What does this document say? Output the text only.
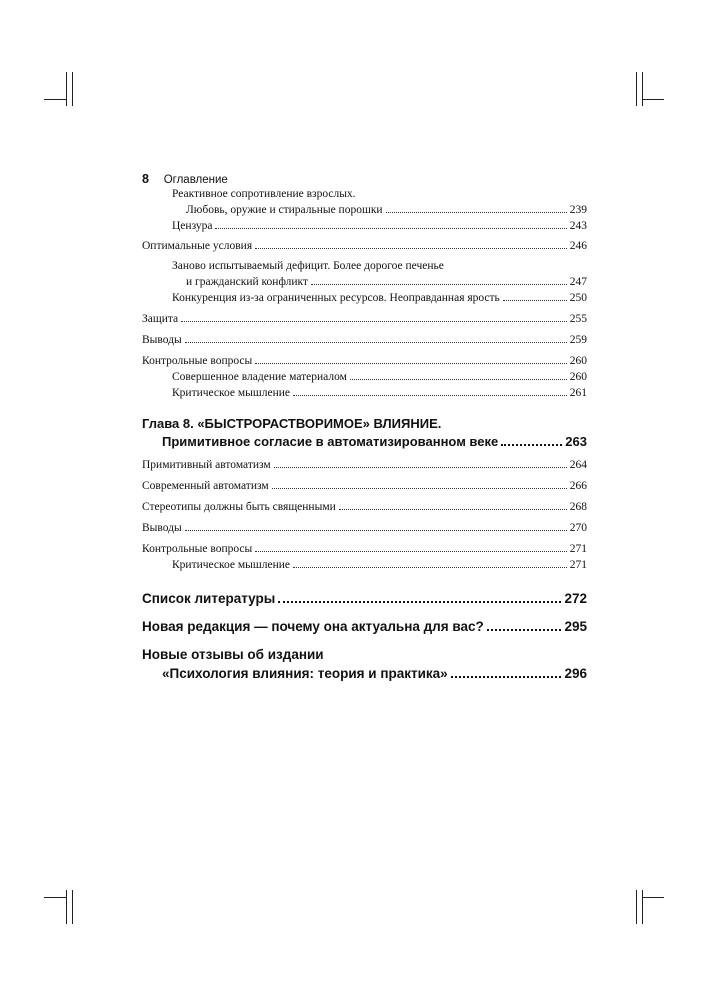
8 Оглавление
Реактивное сопротивление взрослых.
Любовь, оружие и стиральные порошки	239
Цензура	243
Оптимальные условия	246
Заново испытываемый дефицит. Более дорогое печенье
и гражданский конфликт	247
Конкуренция из-за ограниченных ресурсов. Неоправданная ярость	250
Защита	255
Выводы	259
Контрольные вопросы	260
Совершенное владение материалом	260
Критическое мышление	261
Глава 8. «БЫСТРОРАСТВОРИМОЕ» ВЛИЯНИЕ.
Примитивное согласие в автоматизированном веке	263
Примитивный автоматизм	264
Современный автоматизм	266
Стереотипы должны быть священными	268
Выводы	270
Контрольные вопросы	271
Критическое мышление	271
Список литературы	272
Новая редакция — почему она актуальна для вас?	295
Новые отзывы об издании
«Психология влияния: теория и практика»	296
